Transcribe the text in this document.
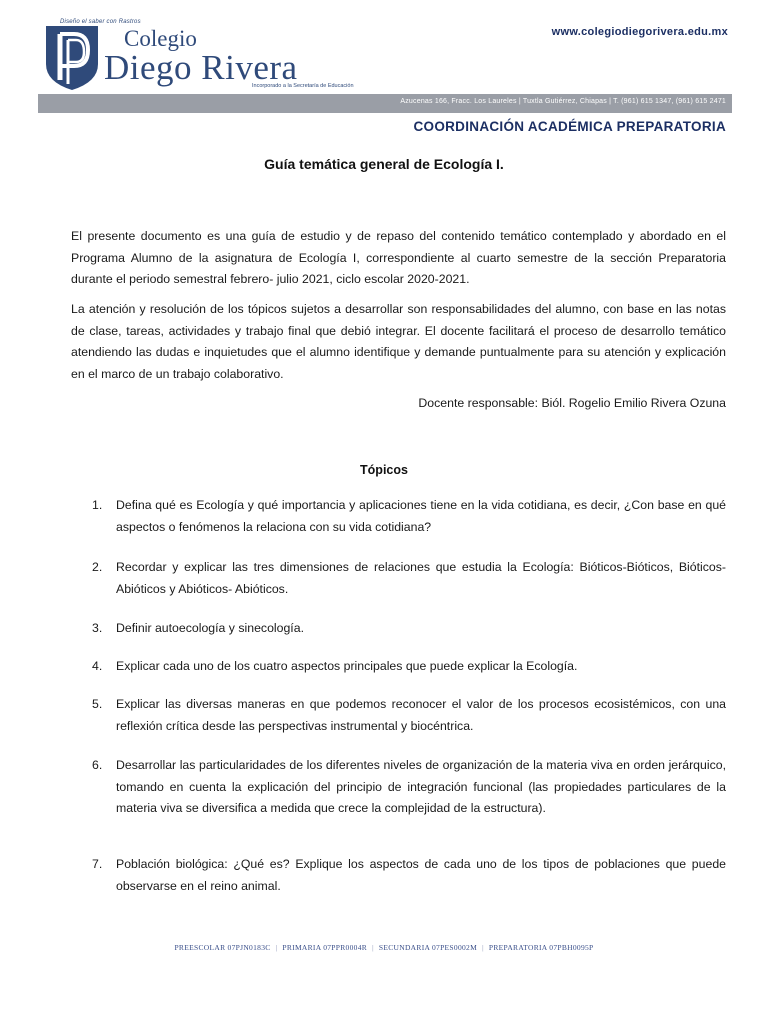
Diseño el saber con Rastros
Colegio
Diego Rivera
Incorporado a la Secretaría de Educación
www.colegiodiegorivera.edu.mx
Azucenas 166, Fracc. Los Laureles | Tuxtla Gutiérrez, Chiapas | T. (961) 615 1347, (961) 615 2471
COORDINACIÓN ACADÉMICA PREPARATORIA
Guía temática general de Ecología I.
El presente documento es una guía de estudio y de repaso del contenido temático contemplado y abordado en el Programa Alumno de la asignatura de Ecología I, correspondiente al cuarto semestre de la sección Preparatoria durante el periodo semestral febrero- julio 2021, ciclo escolar 2020-2021.
La atención y resolución de los tópicos sujetos a desarrollar son responsabilidades del alumno, con base en las notas de clase, tareas, actividades y trabajo final que debió integrar. El docente facilitará el proceso de desarrollo temático atendiendo las dudas e inquietudes que el alumno identifique y demande puntualmente para su atención y explicación en el marco de un trabajo colaborativo.
Docente responsable: Biól. Rogelio Emilio Rivera Ozuna
Tópicos
1.	Defina qué es Ecología y qué importancia y aplicaciones tiene en la vida cotidiana, es decir, ¿Con base en qué aspectos o fenómenos la relaciona con su vida cotidiana?
2.	Recordar y explicar las tres dimensiones de relaciones que estudia la Ecología: Bióticos-Bióticos, Bióticos- Abióticos y Abióticos- Abióticos.
3.	Definir autoecología y sinecología.
4.	Explicar cada uno de los cuatro aspectos principales que puede explicar la Ecología.
5.	Explicar las diversas maneras en que podemos reconocer el valor de los procesos ecosistémicos, con una reflexión crítica desde las perspectivas instrumental y biocéntrica.
6.	Desarrollar las particularidades de los diferentes niveles de organización de la materia viva en orden jerárquico, tomando en cuenta la explicación del principio de integración funcional (las propiedades particulares de la materia viva se diversifica a medida que crece la complejidad de la estructura).
7.	Población biológica: ¿Qué es? Explique los aspectos de cada uno de los tipos de poblaciones que puede observarse en el reino animal.
PREESCOLAR 07PJN0183C | PRIMARIA 07PPR0004R | SECUNDARIA 07PES0002M | PREPARATORIA 07PBH0095P
